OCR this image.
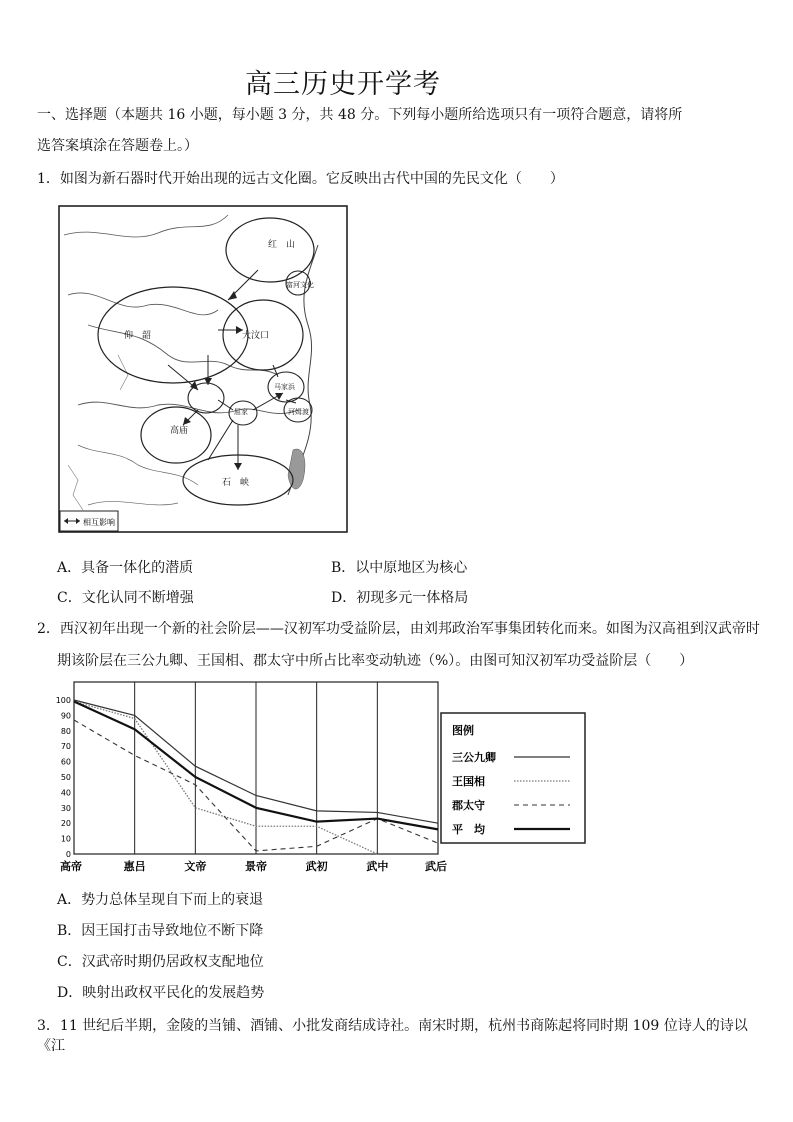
高三历史开学考
一、选择题（本题共 16 小题，每小题 3 分，共 48 分。下列每小题所给选项只有一项符合题意，请将所
选答案填涂在答题卷上。）
1．如图为新石器时代开始出现的远古文化圈。它反映出古代中国的先民文化（　　）
红　山
富河文化
仰　韶	大汶口
屈家
马家浜
河姆渡
高庙
石　峡
相互影响
A．具备一体化的潜质	B．以中原地区为核心
C．文化认同不断增强	D．初现多元一体格局
2．西汉初年出现一个新的社会阶层——汉初军功受益阶层，由刘邦政治军事集团转化而来。如图为汉高祖到汉武帝时
期该阶层在三公九卿、王国相、郡太守中所占比率变动轨迹（%）。由图可知汉初军功受益阶层（　　）
0
10
20
30
40
50
60
70
80
90
100
高帝	惠吕	文帝	景帝	武初	武中	武后
图例
三公九卿
王国相
郡太守
平　均
A．势力总体呈现自下而上的衰退
B．因王国打击导致地位不断下降
C．汉武帝时期仍居政权支配地位
D．映射出政权平民化的发展趋势
3．11 世纪后半期，金陵的当铺、酒铺、小批发商结成诗社。南宋时期，杭州书商陈起将同时期 109 位诗人的诗以《江
